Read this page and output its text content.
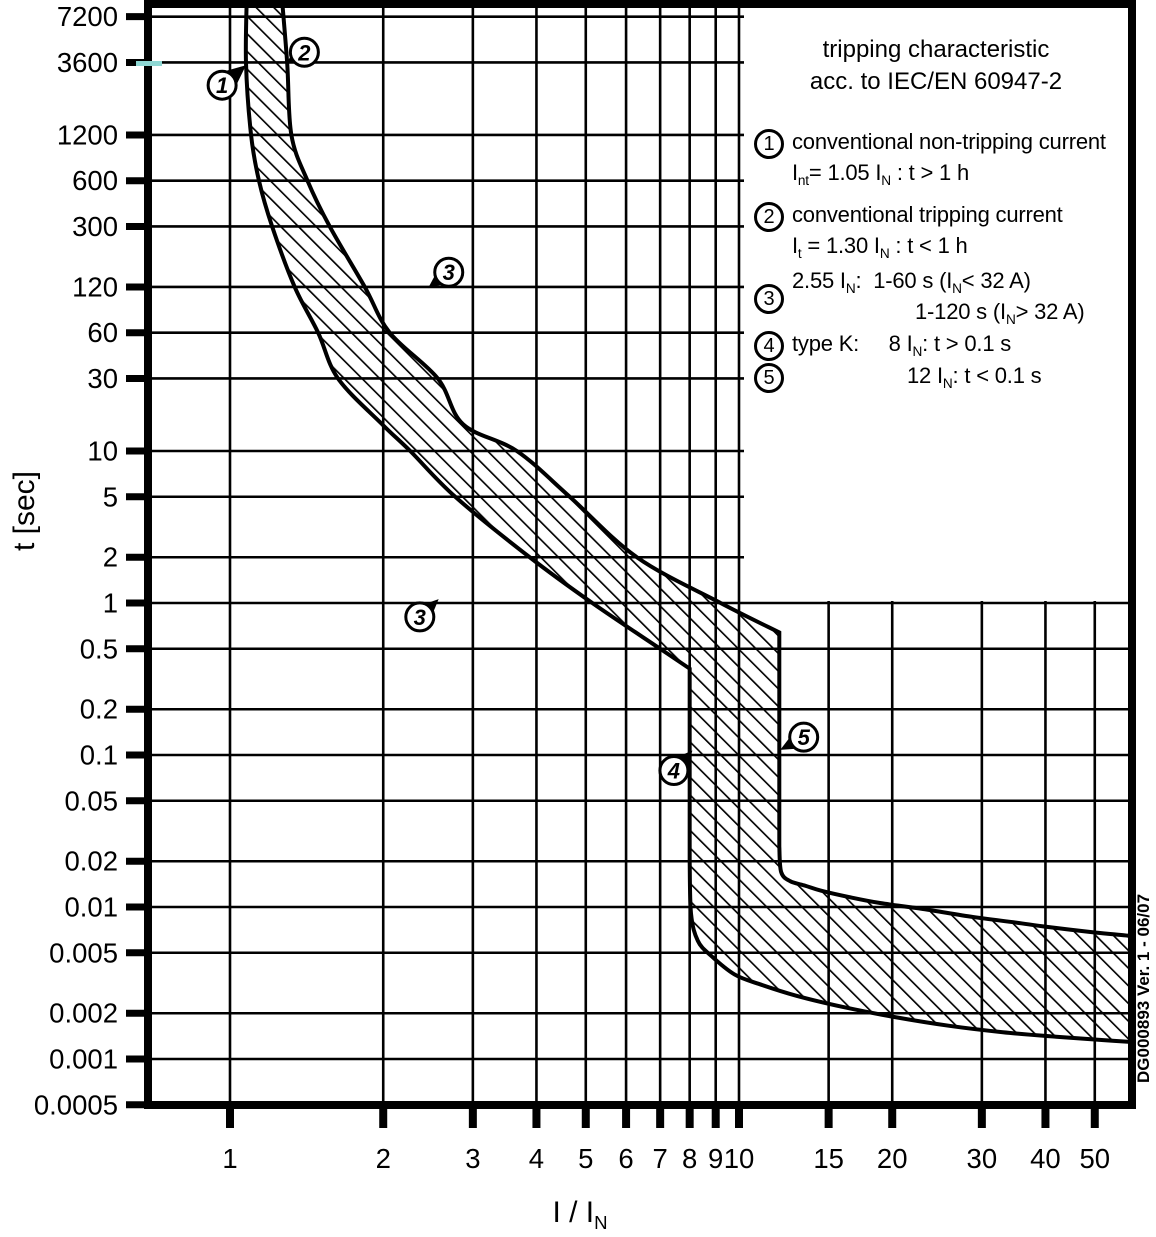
7200
3600
1200
600
300
120
60
30
10
5
2
1
0.5
0.2
0.1
0.05
0.02
0.01
0.005
0.002
0.001
0.0005
1	2	3 4 5 6 7 8 9 10 15 20 30 40 50
1
2
3
3
4
5
t [sec]
I / $I_N$
tripping characteristic
acc. to IEC/EN 60947-2
1 conventional non-tripping current
$I_{nt}= 1.05$ $I_N$ : t > 1 h
2 conventional tripping current
$I_t = 1.30$ $I_N$ : t < 1 h
3
2.55 $I_N$:  1-60 s ($I_N< 32$ A)
1-120 s ($I_N> 32$ A)
4 type K:     8 $I_N$: t > 0.1 s
5	12 $I_N$: t < 0.1 s
DG000893 Ver. 1 - 06/07
